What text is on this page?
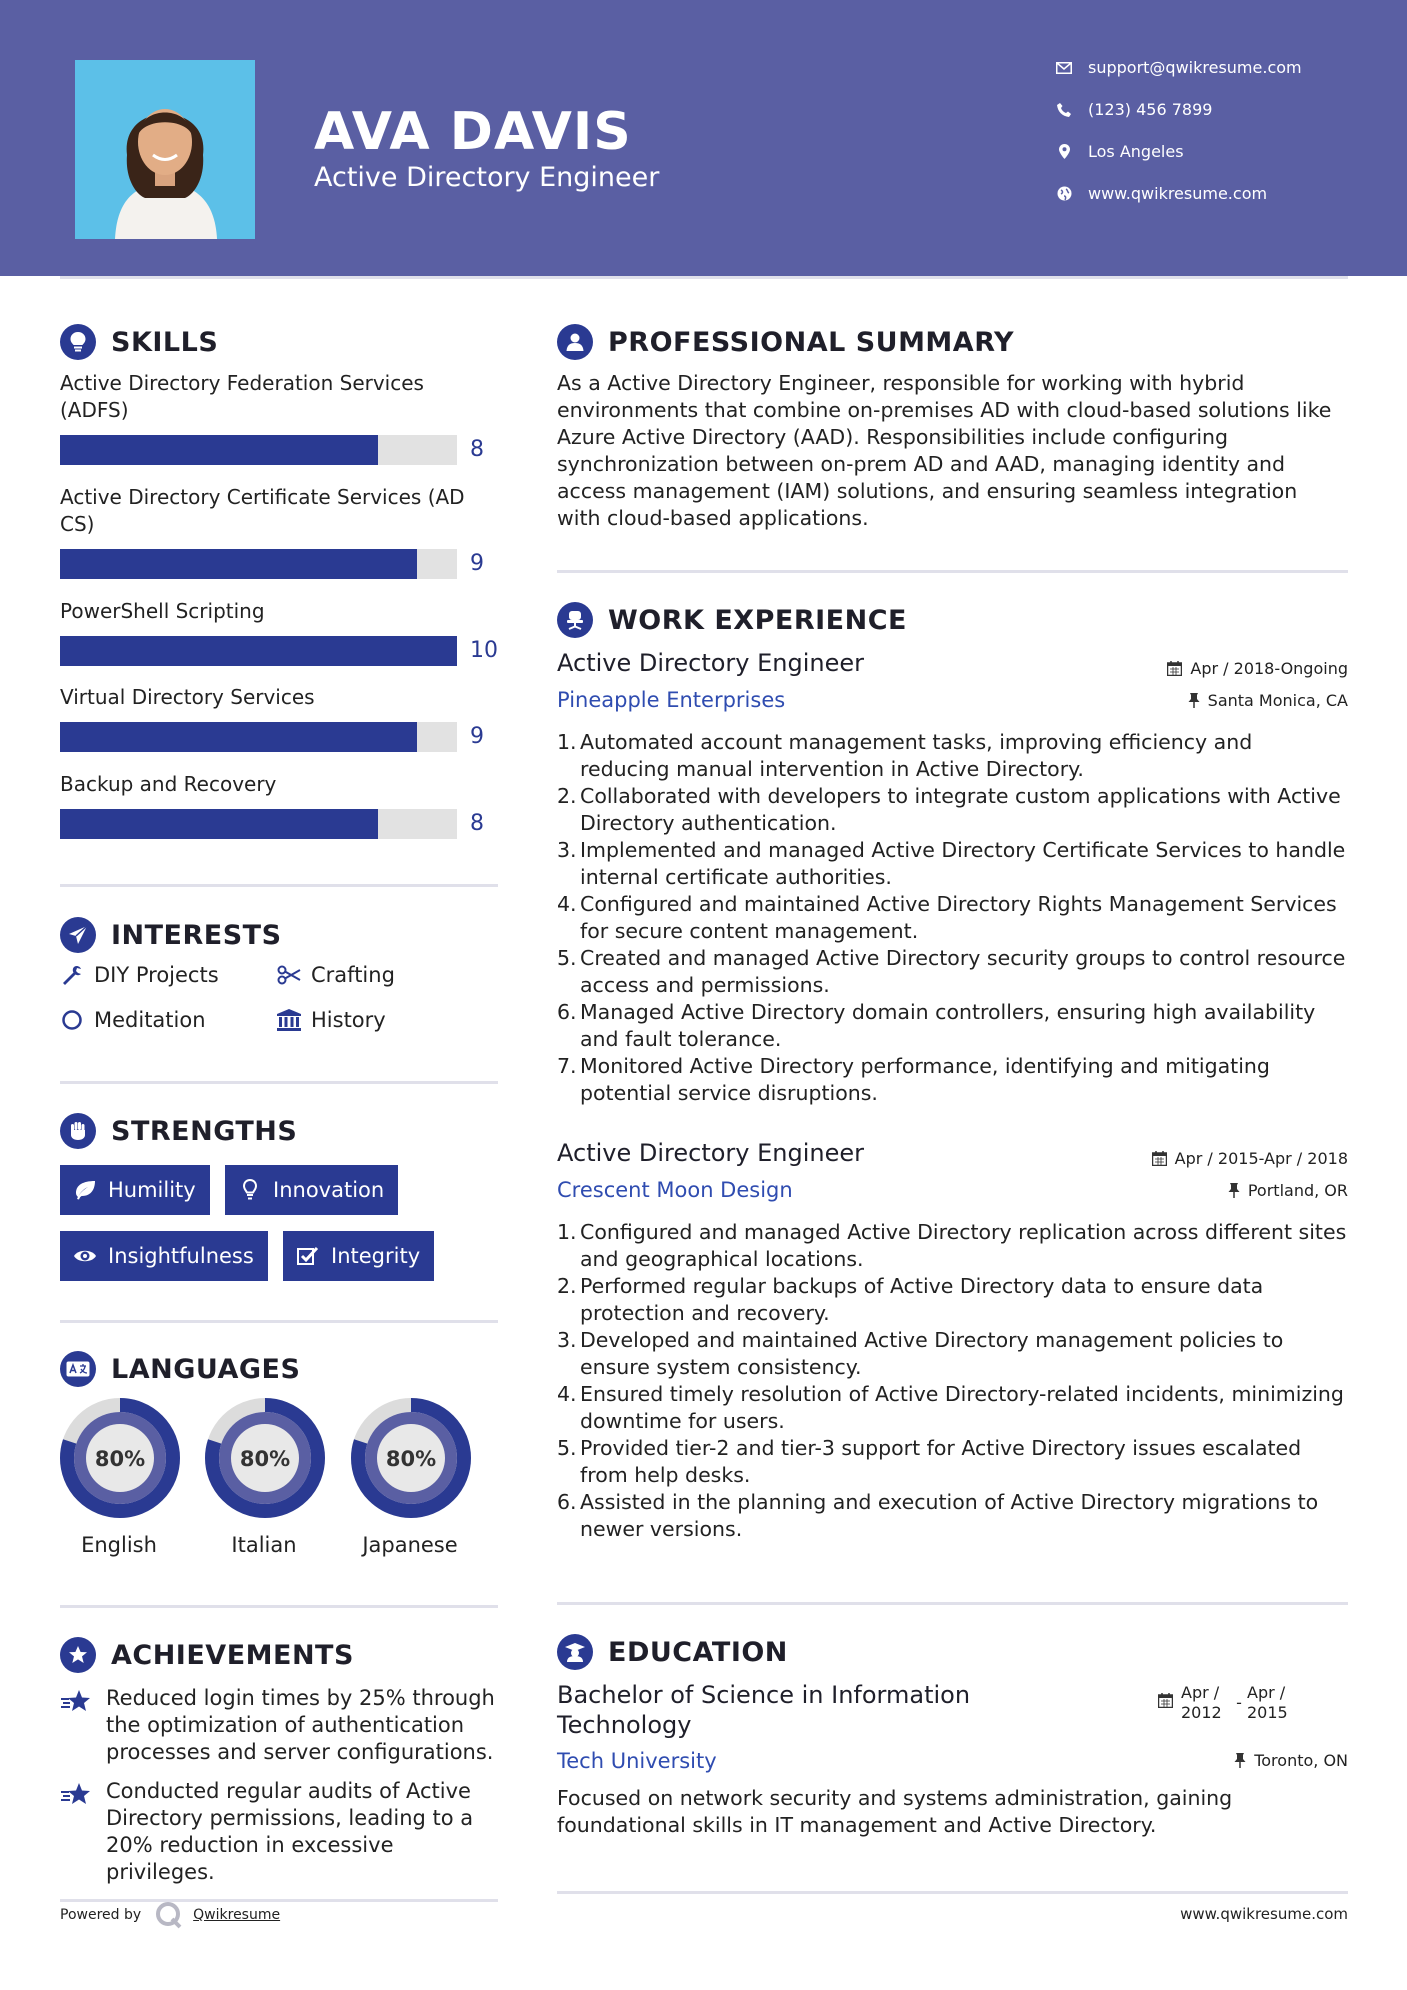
AVA DAVIS
Active Directory Engineer
support@qwikresume.com
(123) 456 7899
Los Angeles
www.qwikresume.com
SKILLS
Active Directory Federation Services (ADFS)
8
Active Directory Certificate Services (AD CS)
9
PowerShell Scripting
10
Virtual Directory Services
9
Backup and Recovery
8
INTERESTS
DIY Projects	Crafting
Meditation	History
STRENGTHS
Humility	Innovation
Insightfulness	Integrity
LANGUAGES
80%
English
80%
Italian
80%
Japanese
ACHIEVEMENTS
Reduced login times by 25% through the optimization of authentication processes and server configurations.
Conducted regular audits of Active Directory permissions, leading to a 20% reduction in excessive privileges.
PROFESSIONAL SUMMARY
As a Active Directory Engineer, responsible for working with hybrid environments that combine on-premises AD with cloud-based solutions like Azure Active Directory (AAD). Responsibilities include configuring synchronization between on-prem AD and AAD, managing identity and access management (IAM) solutions, and ensuring seamless integration with cloud-based applications.
WORK EXPERIENCE
Active Directory Engineer	Apr / 2018-Ongoing
Pineapple Enterprises	Santa Monica, CA
1. Automated account management tasks, improving efficiency and reducing manual intervention in Active Directory.
2. Collaborated with developers to integrate custom applications with Active Directory authentication.
3. Implemented and managed Active Directory Certificate Services to handle internal certificate authorities.
4. Configured and maintained Active Directory Rights Management Services for secure content management.
5. Created and managed Active Directory security groups to control resource access and permissions.
6. Managed Active Directory domain controllers, ensuring high availability and fault tolerance.
7. Monitored Active Directory performance, identifying and mitigating potential service disruptions.
Active Directory Engineer	Apr / 2015-Apr / 2018
Crescent Moon Design	Portland, OR
1. Configured and managed Active Directory replication across different sites and geographical locations.
2. Performed regular backups of Active Directory data to ensure data protection and recovery.
3. Developed and maintained Active Directory management policies to ensure system consistency.
4. Ensured timely resolution of Active Directory-related incidents, minimizing downtime for users.
5. Provided tier-2 and tier-3 support for Active Directory issues escalated from help desks.
6. Assisted in the planning and execution of Active Directory migrations to newer versions.
EDUCATION
Bachelor of Science in Information Technology
Apr / 2012
-
Apr / 2015
Tech University	Toronto, ON
Focused on network security and systems administration, gaining foundational skills in IT management and Active Directory.
Powered by	Qwikresume	www.qwikresume.com
